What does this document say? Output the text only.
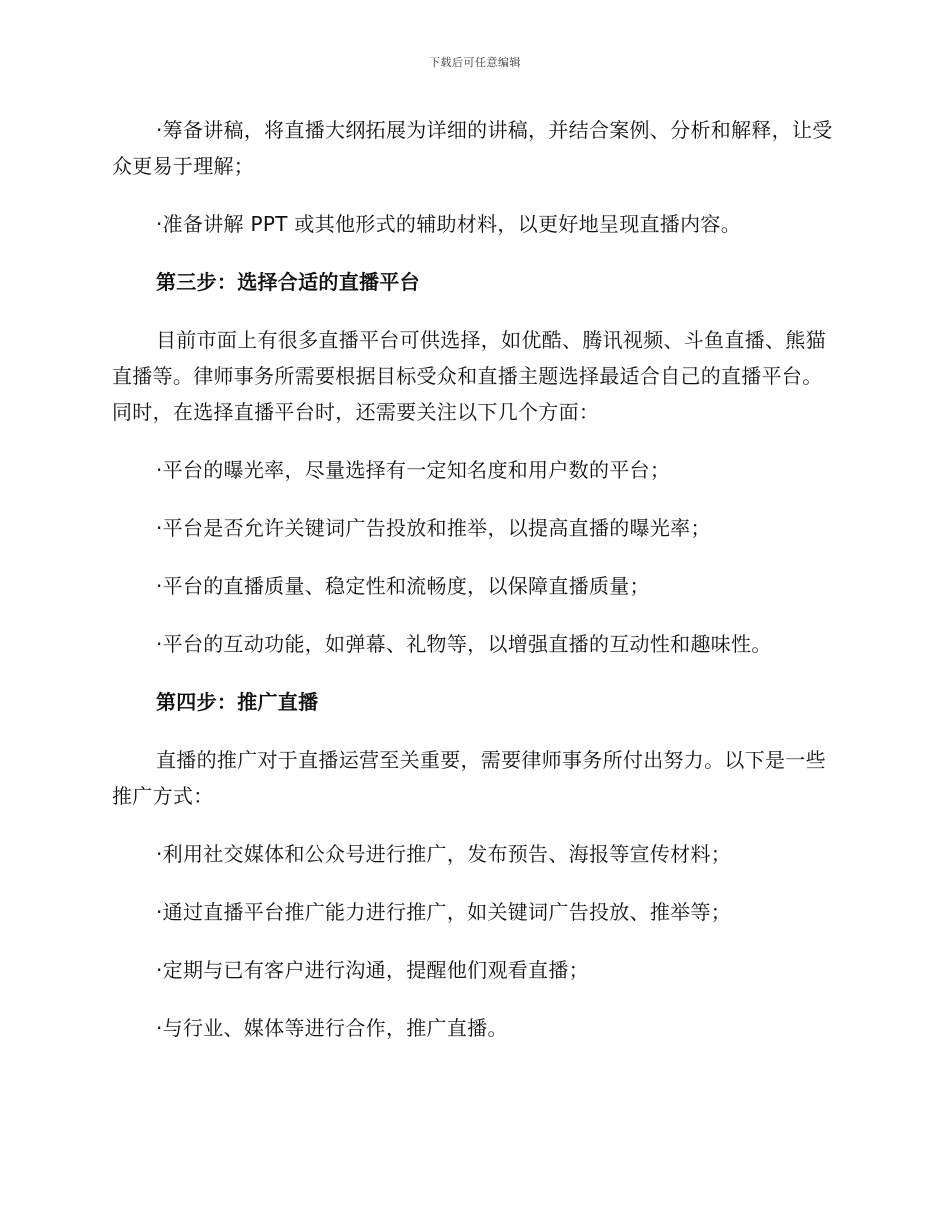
下载后可任意编辑

·筹备讲稿，将直播大纲拓展为详细的讲稿，并结合案例、分析和解释，让受众更易于理解；

·准备讲解 PPT 或其他形式的辅助材料，以更好地呈现直播内容。

第三步：选择合适的直播平台

目前市面上有很多直播平台可供选择，如优酷、腾讯视频、斗鱼直播、熊猫直播等。律师事务所需要根据目标受众和直播主题选择最适合自己的直播平台。同时，在选择直播平台时，还需要关注以下几个方面：

·平台的曝光率，尽量选择有一定知名度和用户数的平台；

·平台是否允许关键词广告投放和推举，以提高直播的曝光率；

·平台的直播质量、稳定性和流畅度，以保障直播质量；

·平台的互动功能，如弹幕、礼物等，以增强直播的互动性和趣味性。

第四步：推广直播

直播的推广对于直播运营至关重要，需要律师事务所付出努力。以下是一些推广方式：

·利用社交媒体和公众号进行推广，发布预告、海报等宣传材料；

·通过直播平台推广能力进行推广，如关键词广告投放、推举等；

·定期与已有客户进行沟通，提醒他们观看直播；

·与行业、媒体等进行合作，推广直播。
